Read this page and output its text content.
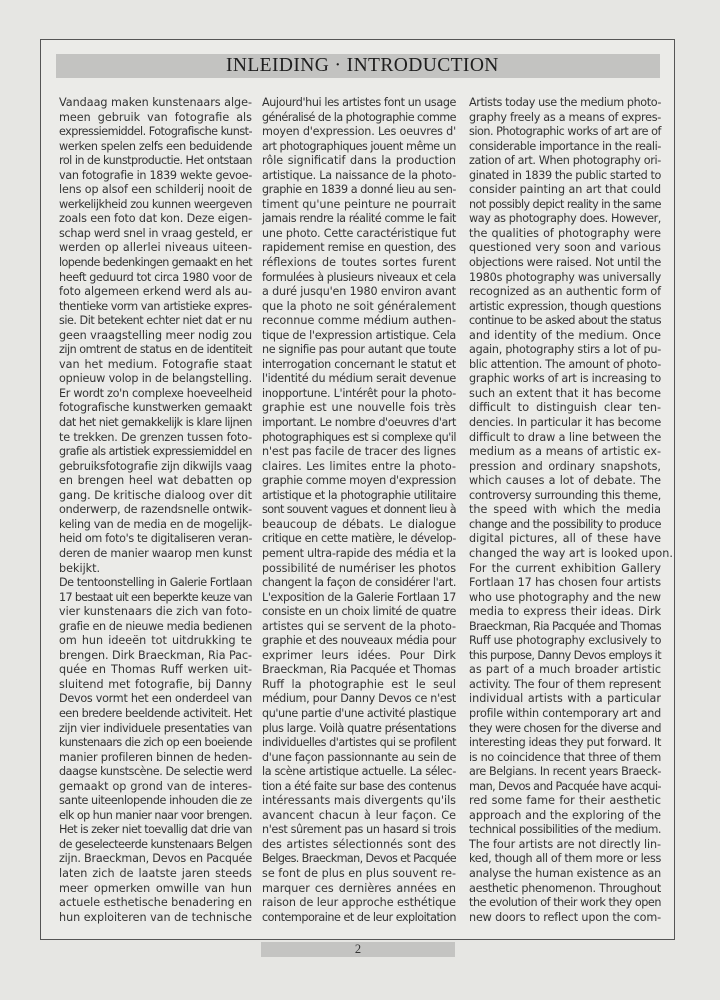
INLEIDING · INTRODUCTION
Vandaag maken kunstenaars alge-
meen gebruik van fotografie als
expressiemiddel. Fotografische kunst-
werken spelen zelfs een beduidende
rol in de kunstproductie. Het ontstaan
van fotografie in 1839 wekte gevoe-
lens op alsof een schilderij nooit de
werkelijkheid zou kunnen weergeven
zoals een foto dat kon. Deze eigen-
schap werd snel in vraag gesteld, er
werden op allerlei niveaus uiteen-
lopende bedenkingen gemaakt en het
heeft geduurd tot circa 1980 voor de
foto algemeen erkend werd als au-
thentieke vorm van artistieke expres-
sie. Dit betekent echter niet dat er nu
geen vraagstelling meer nodig zou
zijn omtrent de status en de identiteit
van het medium. Fotografie staat
opnieuw volop in de belangstelling.
Er wordt zo'n complexe hoeveelheid
fotografische kunstwerken gemaakt
dat het niet gemakkelijk is klare lijnen
te trekken. De grenzen tussen foto-
grafie als artistiek expressiemiddel en
gebruiksfotografie zijn dikwijls vaag
en brengen heel wat debatten op
gang. De kritische dialoog over dit
onderwerp, de razendsnelle ontwik-
keling van de media en de mogelijk-
heid om foto's te digitaliseren veran-
deren de manier waarop men kunst
bekijkt.
De tentoonstelling in Galerie Fortlaan
17 bestaat uit een beperkte keuze van
vier kunstenaars die zich van foto-
grafie en de nieuwe media bedienen
om hun ideeën tot uitdrukking te
brengen. Dirk Braeckman, Ria Pac-
quée en Thomas Ruff werken uit-
sluitend met fotografie, bij Danny
Devos vormt het een onderdeel van
een bredere beeldende activiteit. Het
zijn vier individuele presentaties van
kunstenaars die zich op een boeiende
manier profileren binnen de heden-
daagse kunstscène. De selectie werd
gemaakt op grond van de interes-
sante uiteenlopende inhouden die ze
elk op hun manier naar voor brengen.
Het is zeker niet toevallig dat drie van
de geselecteerde kunstenaars Belgen
zijn. Braeckman, Devos en Pacquée
laten zich de laatste jaren steeds
meer opmerken omwille van hun
actuele esthetische benadering en
hun exploiteren van de technische
Aujourd'hui les artistes font un usage
généralisé de la photographie comme
moyen d'expression. Les oeuvres d'
art photographiques jouent même un
rôle significatif dans la production
artistique. La naissance de la photo-
graphie en 1839 a donné lieu au sen-
timent qu'une peinture ne pourrait
jamais rendre la réalité comme le fait
une photo. Cette caractéristique fut
rapidement remise en question, des
réflexions de toutes sortes furent
formulées à plusieurs niveaux et cela
a duré jusqu'en 1980 environ avant
que la photo ne soit généralement
reconnue comme médium authen-
tique de l'expression artistique. Cela
ne signifie pas pour autant que toute
interrogation concernant le statut et
l'identité du médium serait devenue
inopportune. L'intérêt pour la photo-
graphie est une nouvelle fois très
important. Le nombre d'oeuvres d'art
photographiques est si complexe qu'il
n'est pas facile de tracer des lignes
claires. Les limites entre la photo-
graphie comme moyen d'expression
artistique et la photographie utilitaire
sont souvent vagues et donnent lieu à
beaucoup de débats. Le dialogue
critique en cette matière, le dévelop-
pement ultra-rapide des média et la
possibilité de numériser les photos
changent la façon de considérer l'art.
L'exposition de la Galerie Fortlaan 17
consiste en un choix limité de quatre
artistes qui se servent de la photo-
graphie et des nouveaux média pour
exprimer leurs idées. Pour Dirk
Braeckman, Ria Pacquée et Thomas
Ruff la photographie est le seul
médium, pour Danny Devos ce n'est
qu'une partie d'une activité plastique
plus large. Voilà quatre présentations
individuelles d'artistes qui se profilent
d'une façon passionnante au sein de
la scène artistique actuelle. La sélec-
tion a été faite sur base des contenus
intéressants mais divergents qu'ils
avancent chacun à leur façon. Ce
n'est sûrement pas un hasard si trois
des artistes sélectionnés sont des
Belges. Braeckman, Devos et Pacquée
se font de plus en plus souvent re-
marquer ces dernières années en
raison de leur approche esthétique
contemporaine et de leur exploitation
Artists today use the medium photo-
graphy freely as a means of expres-
sion. Photographic works of art are of
considerable importance in the reali-
zation of art. When photography ori-
ginated in 1839 the public started to
consider painting an art that could
not possibly depict reality in the same
way as photography does. However,
the qualities of photography were
questioned very soon and various
objections were raised. Not until the
1980s photography was universally
recognized as an authentic form of
artistic expression, though questions
continue to be asked about the status
and identity of the medium. Once
again, photography stirs a lot of pu-
blic attention. The amount of photo-
graphic works of art is increasing to
such an extent that it has become
difficult to distinguish clear ten-
dencies. In particular it has become
difficult to draw a line between the
medium as a means of artistic ex-
pression and ordinary snapshots,
which causes a lot of debate. The
controversy surrounding this theme,
the speed with which the media
change and the possibility to produce
digital pictures, all of these have
changed the way art is looked upon.
For the current exhibition Gallery
Fortlaan 17 has chosen four artists
who use photography and the new
media to express their ideas. Dirk
Braeckman, Ria Pacquée and Thomas
Ruff use photography exclusively to
this purpose, Danny Devos employs it
as part of a much broader artistic
activity. The four of them represent
individual artists with a particular
profile within contemporary art and
they were chosen for the diverse and
interesting ideas they put forward. It
is no coincidence that three of them
are Belgians. In recent years Braeck-
man, Devos and Pacquée have acqui-
red some fame for their aesthetic
approach and the exploring of the
technical possibilities of the medium.
The four artists are not directly lin-
ked, though all of them more or less
analyse the human existence as an
aesthetic phenomenon. Throughout
the evolution of their work they open
new doors to reflect upon the com-
2
